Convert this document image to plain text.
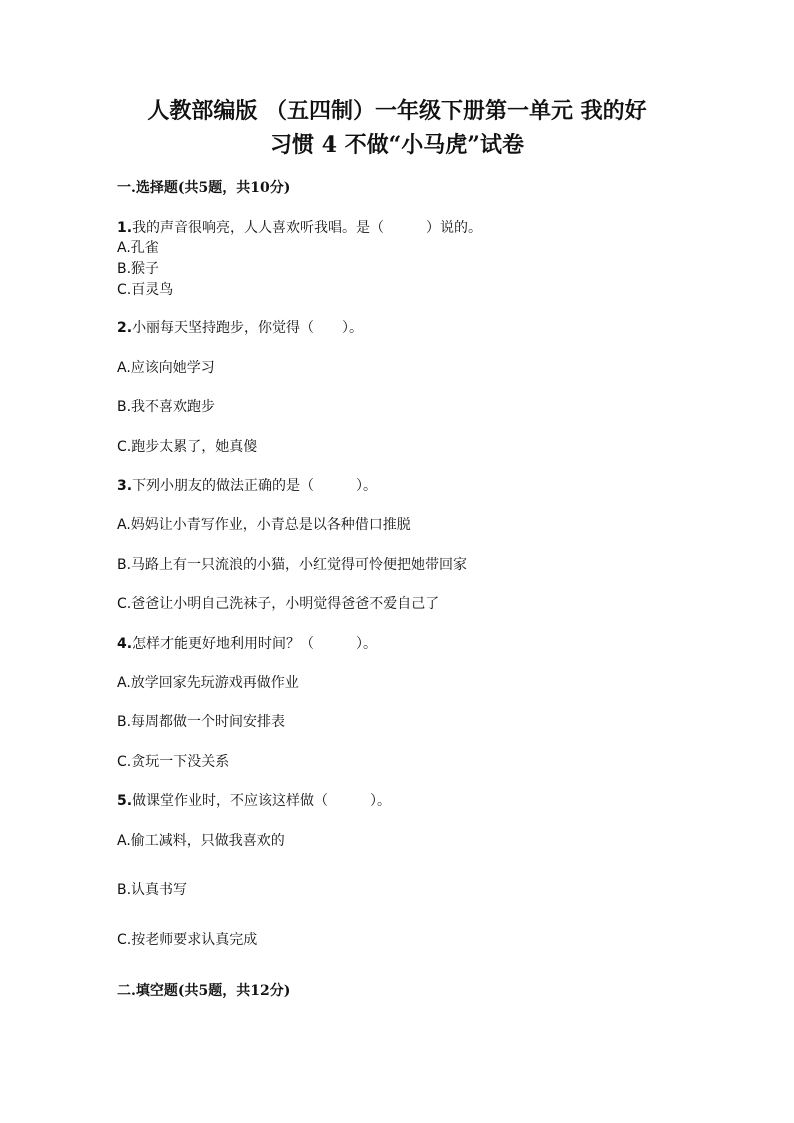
人教部编版 （五四制）一年级下册第一单元 我的好
习惯 4 不做“小马虎”试卷

一.选择题(共5题，共10分)

1.我的声音很响亮，人人喜欢听我唱。是（　　　）说的。

A.孔雀

B.猴子

C.百灵鸟

2.小丽每天坚持跑步，你觉得（　　）。

A.应该向她学习

B.我不喜欢跑步

C.跑步太累了，她真傻

3.下列小朋友的做法正确的是（　　　）。

A.妈妈让小青写作业，小青总是以各种借口推脱

B.马路上有一只流浪的小猫，小红觉得可怜便把她带回家

C.爸爸让小明自己洗袜子，小明觉得爸爸不爱自己了

4.怎样才能更好地利用时间？（　　　）。

A.放学回家先玩游戏再做作业

B.每周都做一个时间安排表

C.贪玩一下没关系

5.做课堂作业时，不应该这样做（　　　）。

A.偷工减料，只做我喜欢的

B.认真书写

C.按老师要求认真完成

二.填空题(共5题，共12分)
